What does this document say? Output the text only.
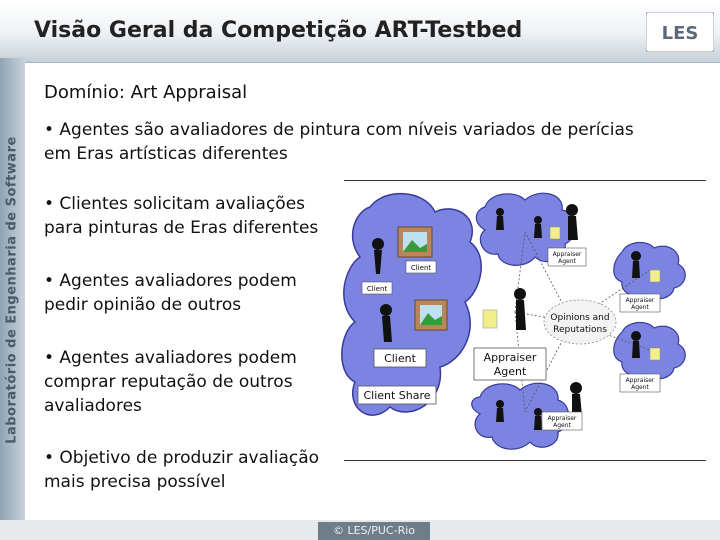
Visão Geral da Competição ART-Testbed	LES
Laboratório de Engenharia de Software
Domínio: Art Appraisal
• Agentes são avaliadores de pintura com níveis variados de perícias
em Eras artísticas diferentes
• Clientes solicitam avaliações
para pinturas de Eras diferentes
• Agentes avaliadores podem
pedir opinião de outros
• Agentes avaliadores podem
comprar reputação de outros
avaliadores
• Objetivo de produzir avaliação
mais precisa possível
Opinions and
Reputations
Client
Client
Client
Client Share
Appraiser
Agent
Appraiser
Agent
Appraiser
Agent
Appraiser
Agent
Appraiser
Agent
© LES/PUC-Rio
